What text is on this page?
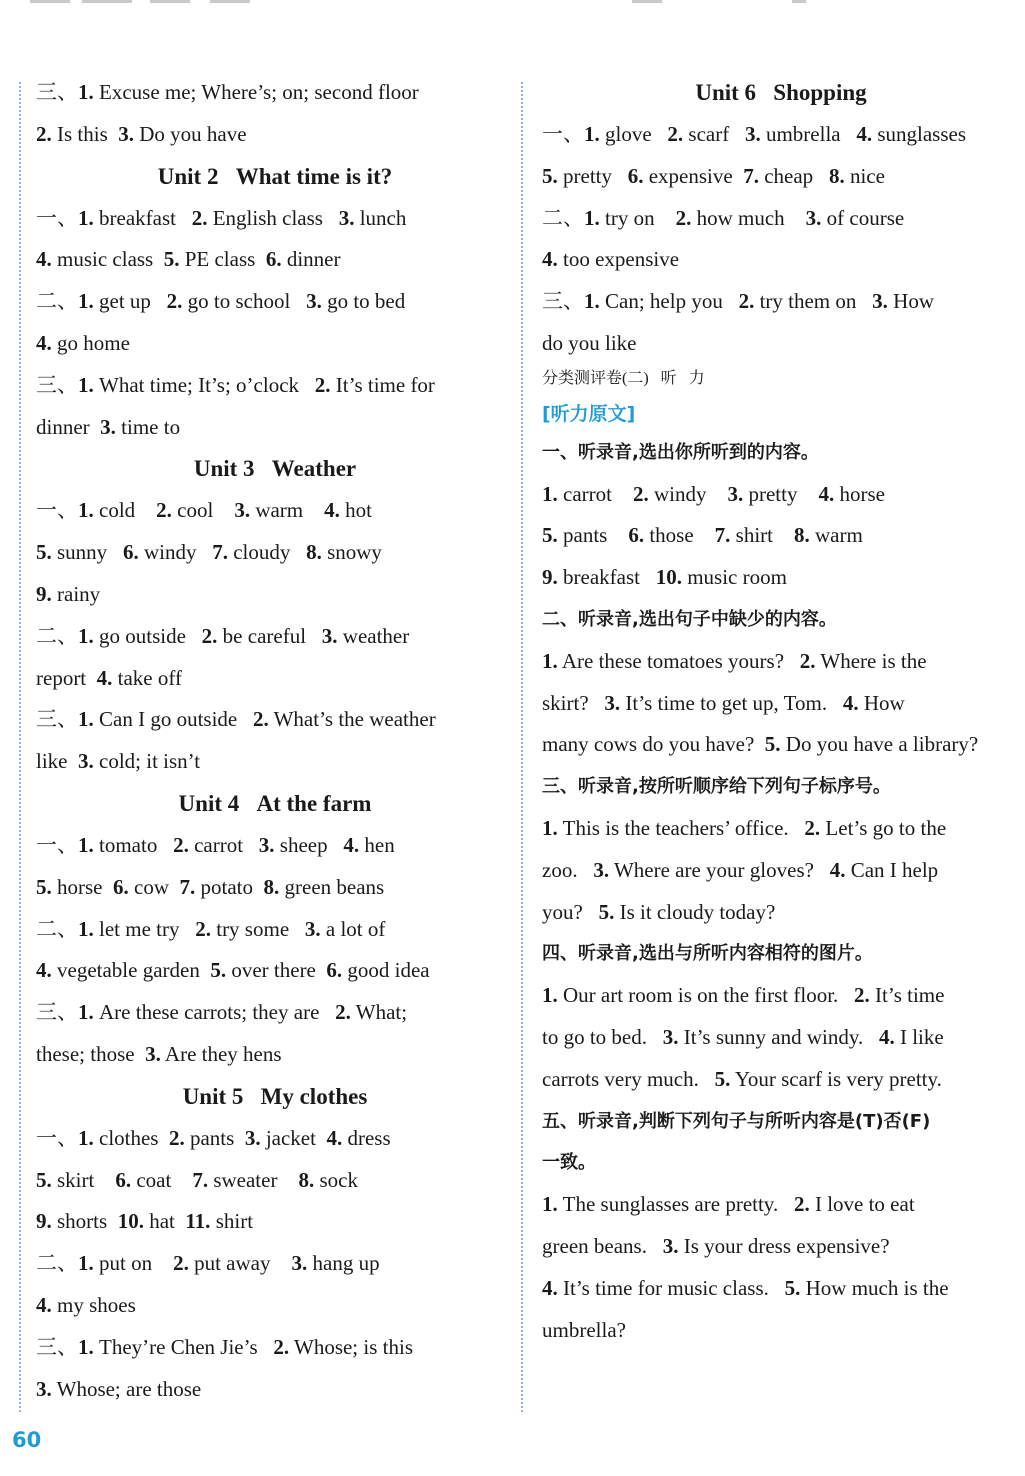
三、1. Excuse me; Where’s; on; second floor
2. Is this  3. Do you have
Unit 2   What time is it?
一、1. breakfast   2. English class   3. lunch
4. music class  5. PE class  6. dinner
二、1. get up   2. go to school   3. go to bed
4. go home
三、1. What time; It’s; o’clock   2. It’s time for
dinner  3. time to
Unit 3   Weather
一、1. cold    2. cool    3. warm    4. hot
5. sunny   6. windy   7. cloudy   8. snowy
9. rainy
二、1. go outside   2. be careful   3. weather
report  4. take off
三、1. Can I go outside   2. What’s the weather
like  3. cold; it isn’t
Unit 4   At the farm
一、1. tomato   2. carrot   3. sheep   4. hen
5. horse  6. cow  7. potato  8. green beans
二、1. let me try   2. try some   3. a lot of
4. vegetable garden  5. over there  6. good idea
三、1. Are these carrots; they are   2. What;
these; those  3. Are they hens
Unit 5   My clothes
一、1. clothes  2. pants  3. jacket  4. dress
5. skirt    6. coat    7. sweater    8. sock
9. shorts  10. hat  11. shirt
二、1. put on    2. put away    3. hang up
4. my shoes
三、1. They’re Chen Jie’s   2. Whose; is this
3. Whose; are those
Unit 6   Shopping
一、1. glove   2. scarf   3. umbrella   4. sunglasses
5. pretty   6. expensive  7. cheap   8. nice
二、1. try on    2. how much    3. of course
4. too expensive
三、1. Can; help you   2. try them on   3. How
do you like
分类测评卷(二)   听   力
[听力原文]
一、听录音,选出你所听到的内容。
1. carrot    2. windy    3. pretty    4. horse
5. pants    6. those    7. shirt    8. warm
9. breakfast   10. music room
二、听录音,选出句子中缺少的内容。
1. Are these tomatoes yours?   2. Where is the
skirt?   3. It’s time to get up, Tom.   4. How
many cows do you have?  5. Do you have a library?
三、听录音,按所听顺序给下列句子标序号。
1. This is the teachers’ office.   2. Let’s go to the
zoo.   3. Where are your gloves?   4. Can I help
you?   5. Is it cloudy today?
四、听录音,选出与所听内容相符的图片。
1. Our art room is on the first floor.   2. It’s time
to go to bed.   3. It’s sunny and windy.   4. I like
carrots very much.   5. Your scarf is very pretty.
五、听录音,判断下列句子与所听内容是(T)否(F)
一致。
1. The sunglasses are pretty.   2. I love to eat
green beans.   3. Is your dress expensive?
4. It’s time for music class.   5. How much is the
umbrella?
60
